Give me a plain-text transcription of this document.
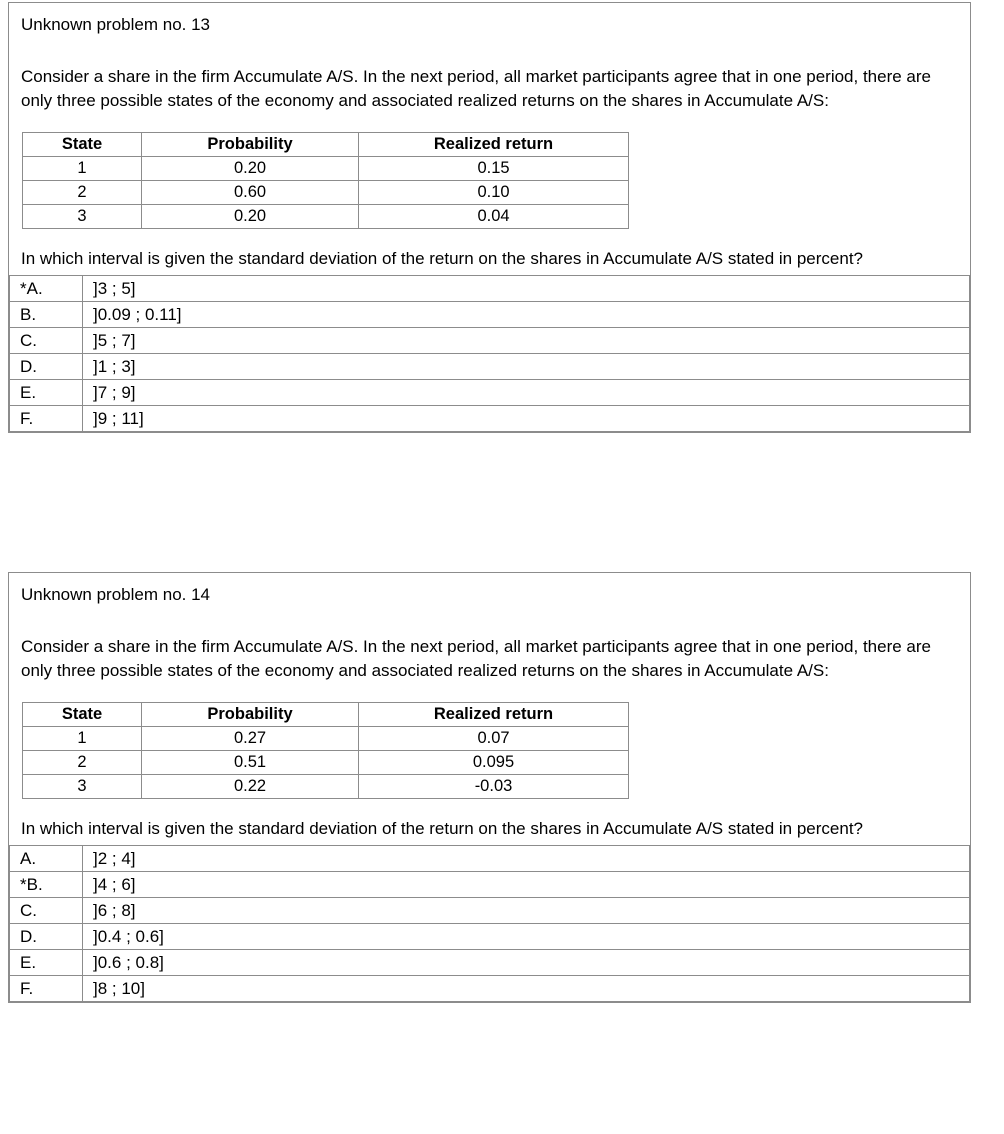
Unknown problem no. 13

Consider a share in the firm Accumulate A/S. In the next period, all market participants agree that in one period, there are only three possible states of the economy and associated realized returns on the shares in Accumulate A/S:

State	Probability	Realized return
1	0.20	0.15
2	0.60	0.10
3	0.20	0.04

In which interval is given the standard deviation of the return on the shares in Accumulate A/S stated in percent?

*A.	]3 ; 5]
B.	]0.09 ; 0.11]
C.	]5 ; 7]
D.	]1 ; 3]
E.	]7 ; 9]
F.	]9 ; 11]

Unknown problem no. 14

Consider a share in the firm Accumulate A/S. In the next period, all market participants agree that in one period, there are only three possible states of the economy and associated realized returns on the shares in Accumulate A/S:

State	Probability	Realized return
1	0.27	0.07
2	0.51	0.095
3	0.22	-0.03

In which interval is given the standard deviation of the return on the shares in Accumulate A/S stated in percent?

A.	]2 ; 4]
*B.	]4 ; 6]
C.	]6 ; 8]
D.	]0.4 ; 0.6]
E.	]0.6 ; 0.8]
F.	]8 ; 10]
